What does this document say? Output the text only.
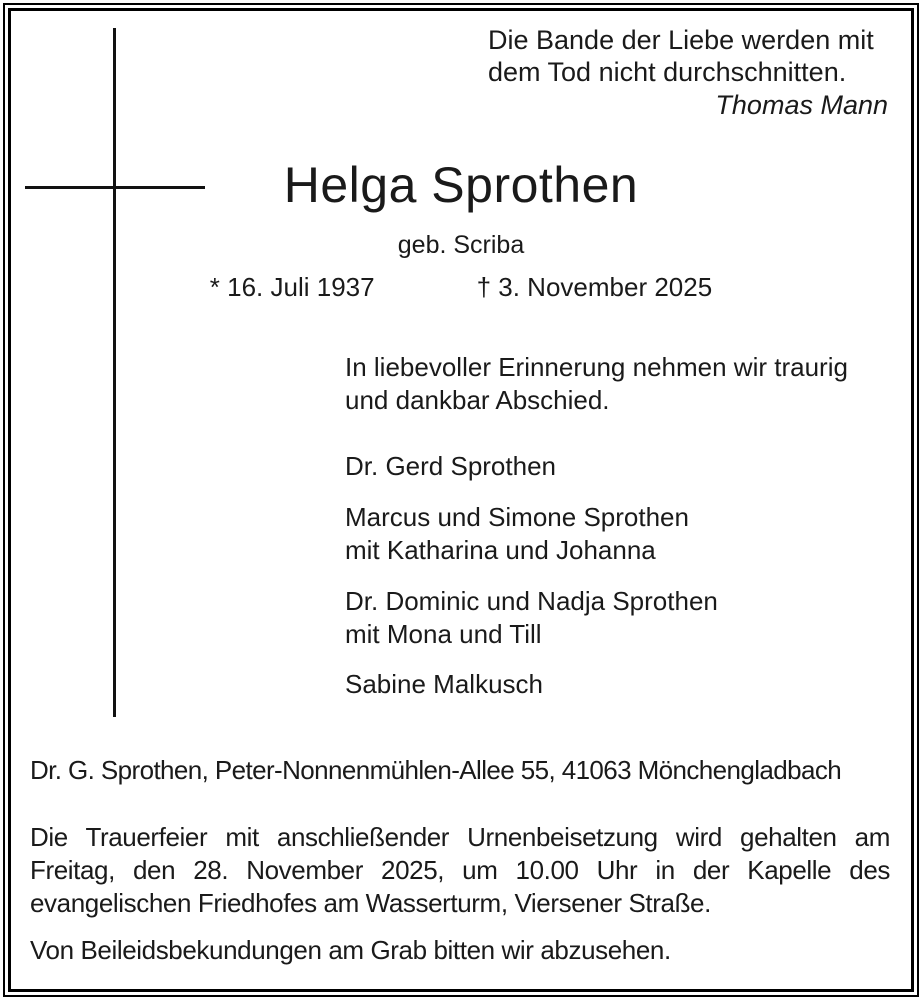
Die Bande der Liebe werden mit
dem Tod nicht durchschnitten.
Thomas Mann
Helga Sprothen
geb. Scriba
* 16. Juli 1937	† 3. November 2025
In liebevoller Erinnerung nehmen wir traurig
und dankbar Abschied.
Dr. Gerd Sprothen
Marcus und Simone Sprothen
mit Katharina und Johanna
Dr. Dominic und Nadja Sprothen
mit Mona und Till
Sabine Malkusch
Dr. G. Sprothen, Peter-Nonnenmühlen-Allee 55, 41063 Mönchengladbach
Die Trauerfeier mit anschließender Urnenbeisetzung wird gehalten am
Freitag, den 28. November 2025, um 10.00 Uhr in der Kapelle des
evangelischen Friedhofes am Wasserturm, Viersener Straße.
Von Beileidsbekundungen am Grab bitten wir abzusehen.
